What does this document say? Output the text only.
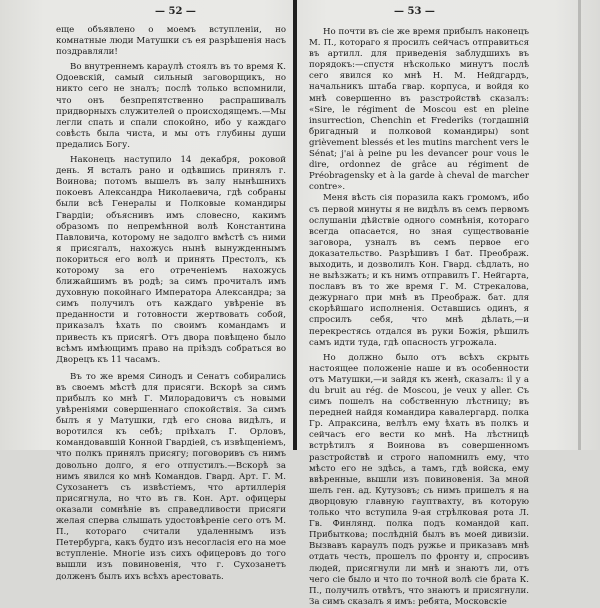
— 52 —

еще объявлено о моемъ вступленіи, но комнатные люди Матушки съ ея разрѣшенія насъ поздравляли!

Во внутреннемъ караулѣ стоялъ въ то время К. Одоевскій, самый сильный заговорщикъ, но никто сего не зналъ; послѣ только вспомнили, что онъ безпрепятственно распрашивалъ придворныхъ служителей о происходящемъ.—Мы легли спать и спали спокойно, ибо у каждаго совѣсть была чиста, и мы отъ глубины души предались Богу.

Наконецъ наступило 14 декабря, роковой день. Я всталъ рано и одѣвшись принялъ г. Воинова; потомъ вышелъ въ залу нынѣшнихъ покоевъ Александра Николаевича, гдѣ собраны были всѣ Генералы и Полковые командиры Гвардіи; объяснивъ имъ словесно, какимъ образомъ по непремѣнной волѣ Константина Павловича, которому не задолго вмѣстѣ съ ними я присягалъ, нахожусь нынѣ вынужденнымъ покориться его волѣ и принять Престолъ, къ которому за его отреченіемъ нахожусь ближайшимъ въ родѣ; за симъ прочиталъ имъ духовную покойнаго Императора Александра; за симъ получилъ отъ каждаго увѣреніе въ преданности и готовности жертвовать собой, приказалъ ѣхать по своимъ командамъ и привесть къ присягѣ. Отъ двора повѣщено было всѣмъ имѣющимъ право на пріѣздъ собраться во Дворецъ къ 11 часамъ.

Въ то же время Синодъ и Сенатъ собирались въ своемъ мѣстѣ для присяги. Вскорѣ за симъ прибылъ ко мнѣ Г. Милорадовичъ съ новыми увѣреніями совершеннаго спокойствія. За симъ былъ я у Матушки, гдѣ его снова видѣлъ, и воротился къ себѣ; пріѣхалъ Г. Орловъ, командовавшій Конной Гвардіей, съ извѣщеніемъ, что полкъ принялъ присягу; поговоривъ съ нимъ довольно долго, я его отпустилъ.—Вскорѣ за нимъ явился ко мнѣ Командов. Гвард. Арт. Г. М. Сухозанетъ съ извѣстіемъ, что артиллерія присягнула, но что въ гв. Кон. Арт. офицеры оказали сомнѣніе въ справедливости присяги желая сперва слышать удостовѣреніе сего отъ М. П., котораго считали удаленнымъ изъ Петербурга, какъ будто изъ несогласія его на мое вступленіе. Многіе изъ сихъ офицеровъ до того вышли изъ повиновенія, что г. Сухозанетъ долженъ былъ ихъ всѣхъ арестовать.

— 53 —

Но почти въ сіе же время прибылъ наконецъ М. П., котораго я просилъ сейчасъ отправиться въ артилл. для приведенія заблудшихъ въ порядокъ:—спустя нѣсколько минутъ послѣ сего явился ко мнѣ Н. М. Нейдгардъ, начальникъ штаба гвар. корпуса, и войдя ко мнѣ совершенно въ разстройствѣ сказалъ: «Sire, le régiment de Moscou est en pleine insurrection, Chenchin et Frederiks (тогдашній бригадный и полковой командиры) sont grièvement blessés et les mutins marchent vers le Sénat; j'ai à peine pu les devancer pour vous le dire, ordonnez de grâce au régiment de Préobragensky et à la garde à cheval de marcher contre».

Меня вѣсть сія поразила какъ громомъ, ибо съ первой минуты я не видѣлъ въ семъ первомъ ослушаніи дѣйствіе одного сомнѣнія, котораго всегда опасается, но зная существованіе заговора, узналъ въ семъ первое его доказательство. Разрѣшивъ I бат. Преображ. выходить, и дозволилъ Кон. Гвард. сѣдлать, но не выѣзжать; и къ нимъ отправилъ Г. Нейгарта, пославъ въ то же время Г. М. Стрекалова, дежурнаго при мнѣ въ Преображ. бат. для скорѣйшаго исполненія. Оставшись одинъ, я спросилъ себя, что мнѣ дѣлать,—и перекрестясь отдался въ руки Божія, рѣшилъ самъ идти туда, гдѣ опасность угрожала.

Но должно было отъ всѣхъ скрыть настоящее положеніе наше и въ особенности отъ Матушки,—и зайдя къ женѣ, сказалъ: il y a du bruit au rég. de Moscou, je veux y aller. Съ симъ пошелъ на собственную лѣстницу; въ передней найдя командира кавалергард. полка Гр. Апраксина, велѣлъ ему ѣхать въ полкъ и сейчасъ его вести ко мнѣ. На лѣстницѣ встрѣтилъ я Воинова въ совершенномъ разстройствѣ и строго напомнилъ ему, что мѣсто его не здѣсь, а тамъ, гдѣ войска, ему ввѣренные, вышли изъ повиновенія. За мной шелъ ген. ад. Кутузовъ; съ нимъ пришелъ я на дворцовую главную гауптвахту, въ которую только что вступила 9-ая стрѣлковая рота Л. Гв. Финлянд. полка подъ командой кап. Прибыткова; послѣдній былъ въ моей дивизіи. Вызвавъ караулъ подъ ружье и приказавъ мнѣ отдать честь, прошелъ по фронту и, спросивъ людей, присягнули ли мнѣ и знаютъ ли, отъ чего сіе было и что по точной волѣ сіе брата К. П., получилъ отвѣтъ, что знаютъ и присягнули. За симъ сказалъ я имъ: ребята, Московскіе
